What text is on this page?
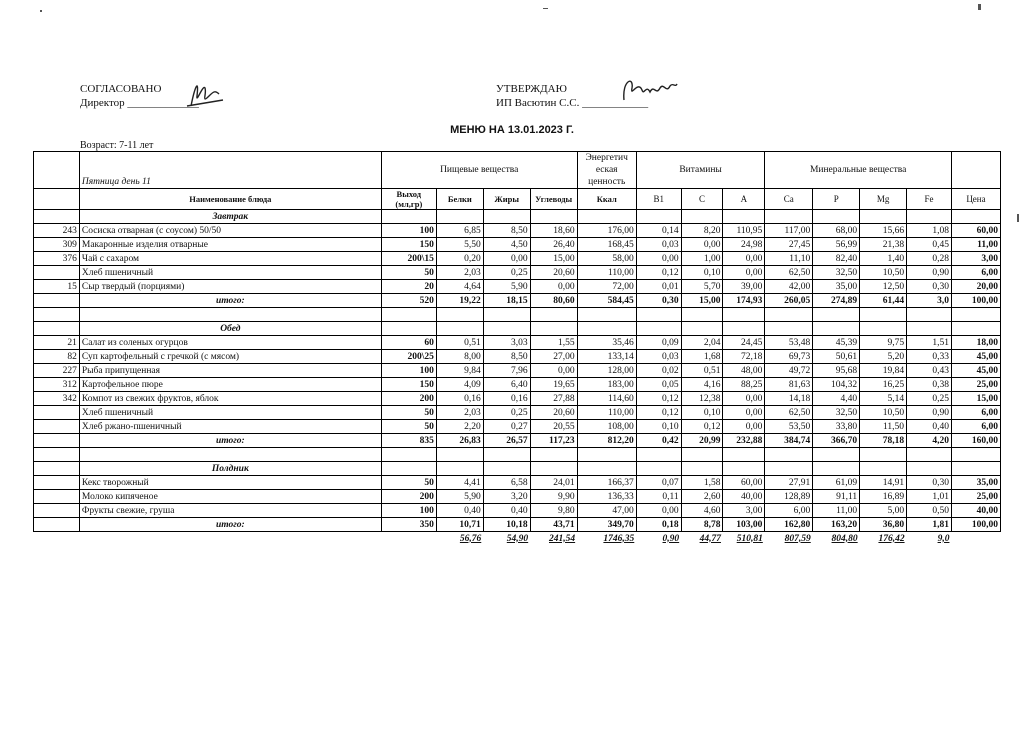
СОГЛАСОВАНО
Директор _____________
УТВЕРЖДАЮ
ИП Васютин С.С. ____________
МЕНЮ НА 13.01.2023 Г.
Возраст: 7-11 лет
	Пятница день 11	Пищевые вещества				Энергетич еская ценность	Витамины			Минеральные вещества				
	Наименование блюда	Выход (мл,гр)	Белки	Жиры	Углеводы	Ккал	B1	C	A	Ca	P	Mg	Fe	Цена
	Завтрак													
243	Сосиска отварная (с соусом) 50/50	100	6,85	8,50	18,60	176,00	0,14	8,20	110,95	117,00	68,00	15,66	1,08	60,00
309	Макаронные изделия отварные	150	5,50	4,50	26,40	168,45	0,03	0,00	24,98	27,45	56,99	21,38	0,45	11,00
376	Чай с сахаром	200\15	0,20	0,00	15,00	58,00	0,00	1,00	0,00	11,10	82,40	1,40	0,28	3,00
	Хлеб пшеничный	50	2,03	0,25	20,60	110,00	0,12	0,10	0,00	62,50	32,50	10,50	0,90	6,00
15	Сыр твердый (порциями)	20	4,64	5,90	0,00	72,00	0,01	5,70	39,00	42,00	35,00	12,50	0,30	20,00
	итого:	520	19,22	18,15	80,60	584,45	0,30	15,00	174,93	260,05	274,89	61,44	3,0	100,00

	Обед													
21	Салат из соленых огурцов	60	0,51	3,03	1,55	35,46	0,09	2,04	24,45	53,48	45,39	9,75	1,51	18,00
82	Суп картофельный с гречкой (с мясом)	200\25	8,00	8,50	27,00	133,14	0,03	1,68	72,18	69,73	50,61	5,20	0,33	45,00
227	Рыба припущенная	100	9,84	7,96	0,00	128,00	0,02	0,51	48,00	49,72	95,68	19,84	0,43	45,00
312	Картофельное пюре	150	4,09	6,40	19,65	183,00	0,05	4,16	88,25	81,63	104,32	16,25	0,38	25,00
342	Компот из свежих фруктов, яблок	200	0,16	0,16	27,88	114,60	0,12	12,38	0,00	14,18	4,40	5,14	0,25	15,00
	Хлеб пшеничный	50	2,03	0,25	20,60	110,00	0,12	0,10	0,00	62,50	32,50	10,50	0,90	6,00
	Хлеб ржано-пшеничный	50	2,20	0,27	20,55	108,00	0,10	0,12	0,00	53,50	33,80	11,50	0,40	6,00
	итого:	835	26,83	26,57	117,23	812,20	0,42	20,99	232,88	384,74	366,70	78,18	4,20	160,00

	Полдник													
	Кекс творожный	50	4,41	6,58	24,01	166,37	0,07	1,58	60,00	27,91	61,09	14,91	0,30	35,00
	Молоко кипяченое	200	5,90	3,20	9,90	136,33	0,11	2,60	40,00	128,89	91,11	16,89	1,01	25,00
	Фрукты свежие, груша	100	0,40	0,40	9,80	47,00	0,00	4,60	3,00	6,00	11,00	5,00	0,50	40,00
	итого:	350	10,71	10,18	43,71	349,70	0,18	8,78	103,00	162,80	163,20	36,80	1,81	100,00
			56,76	54,90	241,54	1746,35	0,90	44,77	510,81	807,59	804,80	176,42	9,0	
